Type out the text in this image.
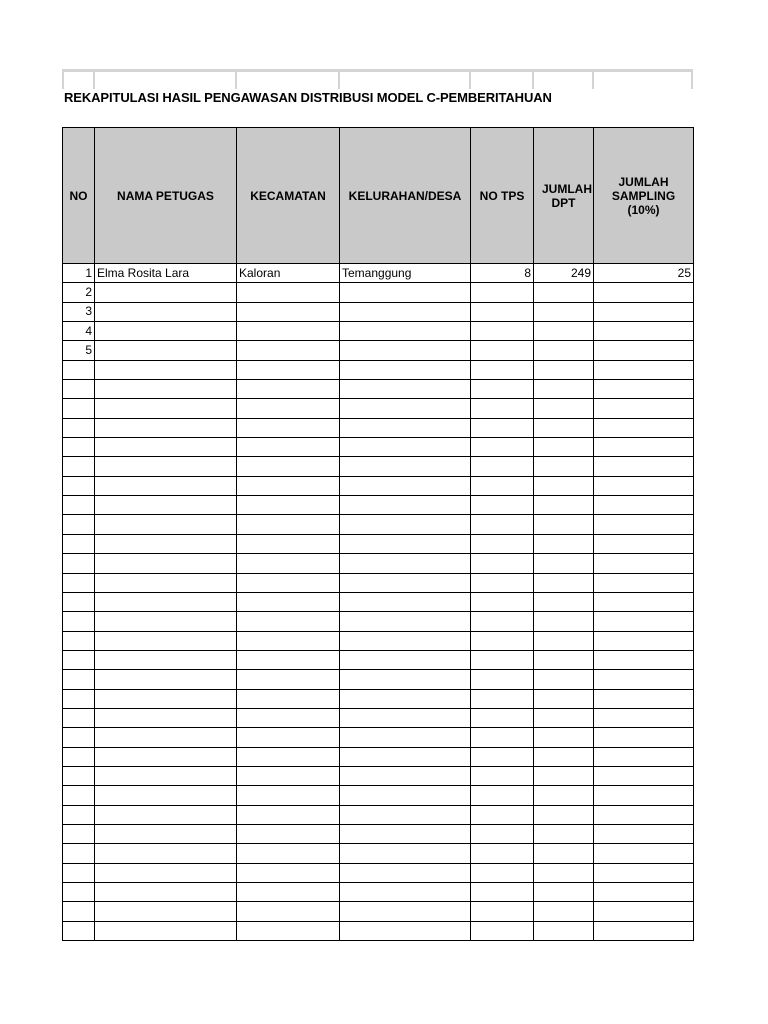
REKAPITULASI HASIL PENGAWASAN DISTRIBUSI MODEL C-PEMBERITAHUAN
NO	NAMA PETUGAS	KECAMATAN	KELURAHAN/DESA	NO TPS	JUMLAH DPT	JUMLAH SAMPLING (10%)
1	Elma Rosita Lara	Kaloran	Temanggung	8	249	25
2						
3						
4						
5						
